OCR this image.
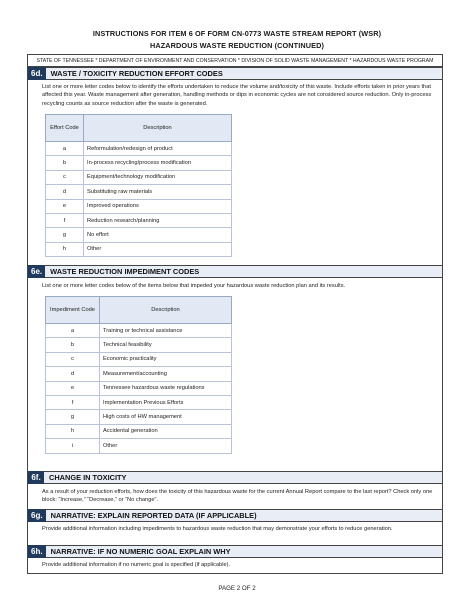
INSTRUCTIONS FOR ITEM 6 OF FORM CN-0773 WASTE STREAM REPORT (WSR)
HAZARDOUS WASTE REDUCTION (CONTINUED)
STATE OF TENNESSEE * DEPARTMENT OF ENVIRONMENT AND CONSERVATION * DIVISION OF SOLID WASTE MANAGEMENT * HAZARDOUS WASTE PROGRAM
6d.	WASTE / TOXICITY REDUCTION EFFORT CODES
List one or more letter codes below to identify the efforts undertaken to reduce the volume and/toxicity of this waste. Include efforts taken in prior years that affected this year. Waste management after generation, handling methods or dips in economic cycles are not considered source reduction. Only in-process recycling counts as source reduction after the waste is generated.
Effort Code	Description
a	Reformulation/redesign of product
b	In-process recycling/process modification
c	Equipment/technology modification
d	Substituting raw materials
e	Improved operations
f	Reduction research/planning
g	No effort
h	Other
6e.	WASTE REDUCTION IMPEDIMENT CODES
List one or more letter codes below of the items below that impeded your hazardous waste reduction plan and its results.
Impediment Code	Description
a	Training or technical assistance
b	Technical feasibility
c	Economic practicality
d	Measurement/accounting
e	Tennessee hazardous waste regulations
f	Implementation Previous Efforts
g	High costs of HW management
h	Accidental generation
i	Other
6f.	CHANGE IN TOXICITY
As a result of your reduction efforts, how does the toxicity of this hazardous waste for the current Annual Report compare to the last report? Check only one block: “Increase,” “Decrease,” or “No change”.
6g.	NARRATIVE: EXPLAIN REPORTED DATA (IF APPLICABLE)
Provide additional information including impediments to hazardous waste reduction that may demonstrate your efforts to reduce generation.
6h.	NARRATIVE: IF NO NUMERIC GOAL EXPLAIN WHY
Provide additional information if no numeric goal is specified (if applicable).
PAGE 2 OF 2
